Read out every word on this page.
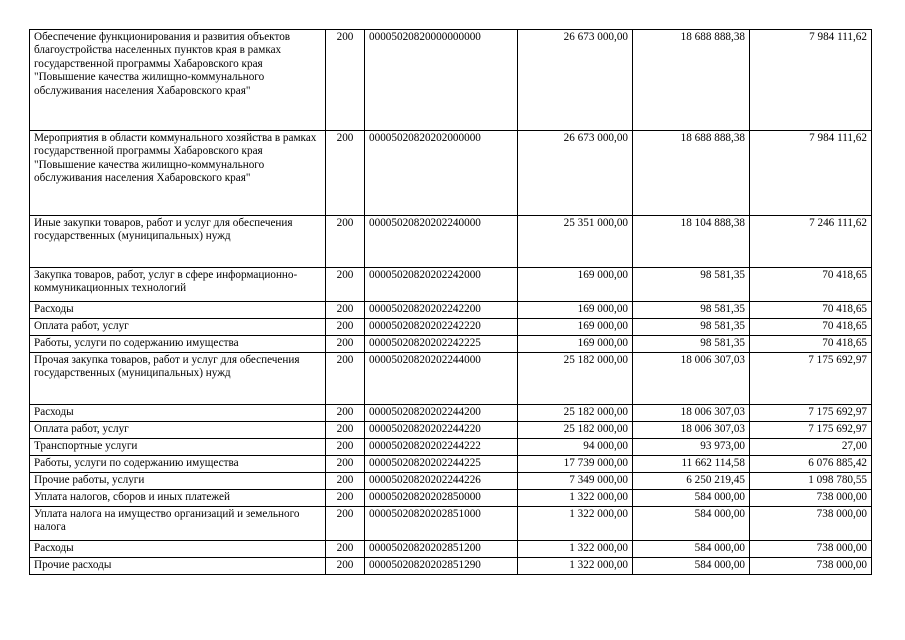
Обеспечение функционирования и развития объектов благоустройства населенных пунктов края в рамках государственной программы Хабаровского края "Повышение качества жилищно-коммунального обслуживания населения Хабаровского края"	200	00005020820000000000	26 673 000,00	18 688 888,38	7 984 111,62
Мероприятия в области коммунального хозяйства в рамках государственной программы Хабаровского края "Повышение качества жилищно-коммунального обслуживания населения Хабаровского края"	200	00005020820202000000	26 673 000,00	18 688 888,38	7 984 111,62
Иные закупки товаров, работ и услуг для обеспечения государственных (муниципальных) нужд	200	00005020820202240000	25 351 000,00	18 104 888,38	7 246 111,62
Закупка товаров, работ, услуг в сфере информационно-коммуникационных технологий	200	00005020820202242000	169 000,00	98 581,35	70 418,65
Расходы	200	00005020820202242200	169 000,00	98 581,35	70 418,65
Оплата работ, услуг	200	00005020820202242220	169 000,00	98 581,35	70 418,65
Работы, услуги по содержанию имущества	200	00005020820202242225	169 000,00	98 581,35	70 418,65
Прочая закупка товаров, работ и услуг для обеспечения государственных (муниципальных) нужд	200	00005020820202244000	25 182 000,00	18 006 307,03	7 175 692,97
Расходы	200	00005020820202244200	25 182 000,00	18 006 307,03	7 175 692,97
Оплата работ, услуг	200	00005020820202244220	25 182 000,00	18 006 307,03	7 175 692,97
Транспортные услуги	200	00005020820202244222	94 000,00	93 973,00	27,00
Работы, услуги по содержанию имущества	200	00005020820202244225	17 739 000,00	11 662 114,58	6 076 885,42
Прочие работы, услуги	200	00005020820202244226	7 349 000,00	6 250 219,45	1 098 780,55
Уплата налогов, сборов и иных платежей	200	00005020820202850000	1 322 000,00	584 000,00	738 000,00
Уплата налога на имущество организаций и земельного налога	200	00005020820202851000	1 322 000,00	584 000,00	738 000,00
Расходы	200	00005020820202851200	1 322 000,00	584 000,00	738 000,00
Прочие расходы	200	00005020820202851290	1 322 000,00	584 000,00	738 000,00
